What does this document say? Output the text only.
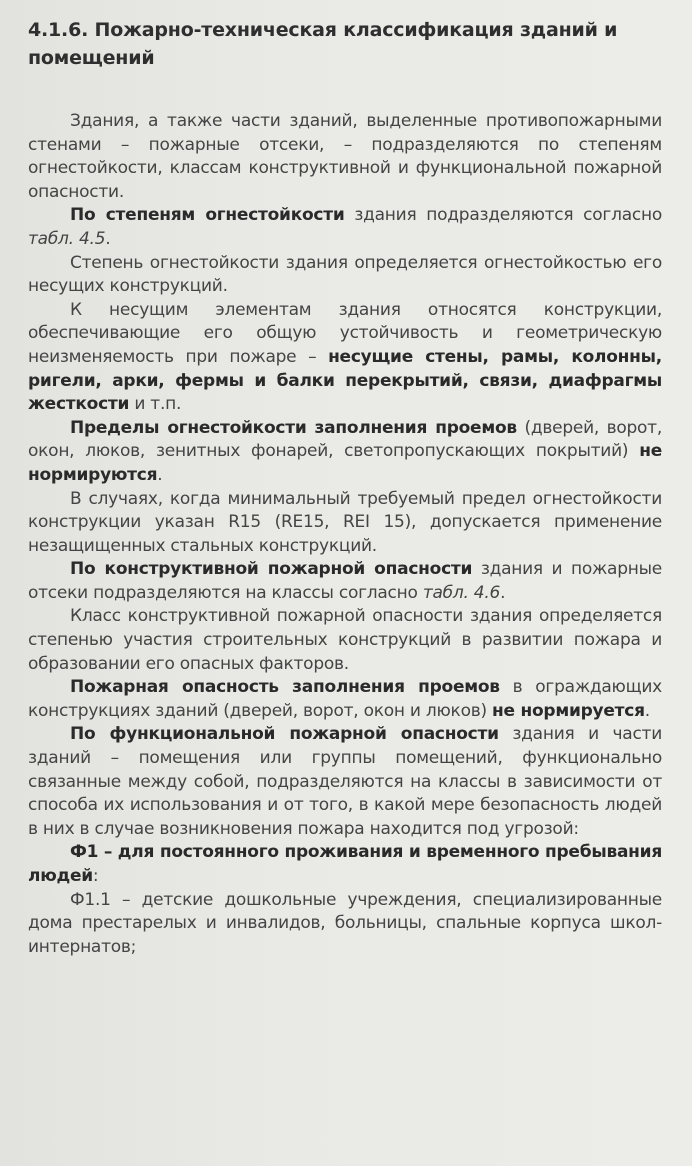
4.1.6. Пожарно-техническая классификация зданий и помещений

Здания, а также части зданий, выделенные противопожарными стенами – пожарные отсеки, – подразделяются по степеням огнестойкости, классам конструктивной и функциональной пожарной опасности.

По степеням огнестойкости здания подразделяются согласно табл. 4.5.

Степень огнестойкости здания определяется огнестойкостью его несущих конструкций.

К несущим элементам здания относятся конструкции, обеспечивающие его общую устойчивость и геометрическую неизменяемость при пожаре – несущие стены, рамы, колонны, ригели, арки, фермы и балки перекрытий, связи, диафрагмы жесткости и т.п.

Пределы огнестойкости заполнения проемов (дверей, ворот, окон, люков, зенитных фонарей, светопропускающих покрытий) не нормируются.

В случаях, когда минимальный требуемый предел огнестойкости конструкции указан R15 (RE15, REI 15), допускается применение незащищенных стальных конструкций.

По конструктивной пожарной опасности здания и пожарные отсеки подразделяются на классы согласно табл. 4.6.

Класс конструктивной пожарной опасности здания определяется степенью участия строительных конструкций в развитии пожара и образовании его опасных факторов.

Пожарная опасность заполнения проемов в ограждающих конструкциях зданий (дверей, ворот, окон и люков) не нормируется.

По функциональной пожарной опасности здания и части зданий – помещения или группы помещений, функционально связанные между собой, подразделяются на классы в зависимости от способа их использования и от того, в какой мере безопасность людей в них в случае возникновения пожара находится под угрозой:

Ф1 – для постоянного проживания и временного пребывания людей:

Ф1.1 – детские дошкольные учреждения, специализированные дома престарелых и инвалидов, больницы, спальные корпуса школ-интернатов;
